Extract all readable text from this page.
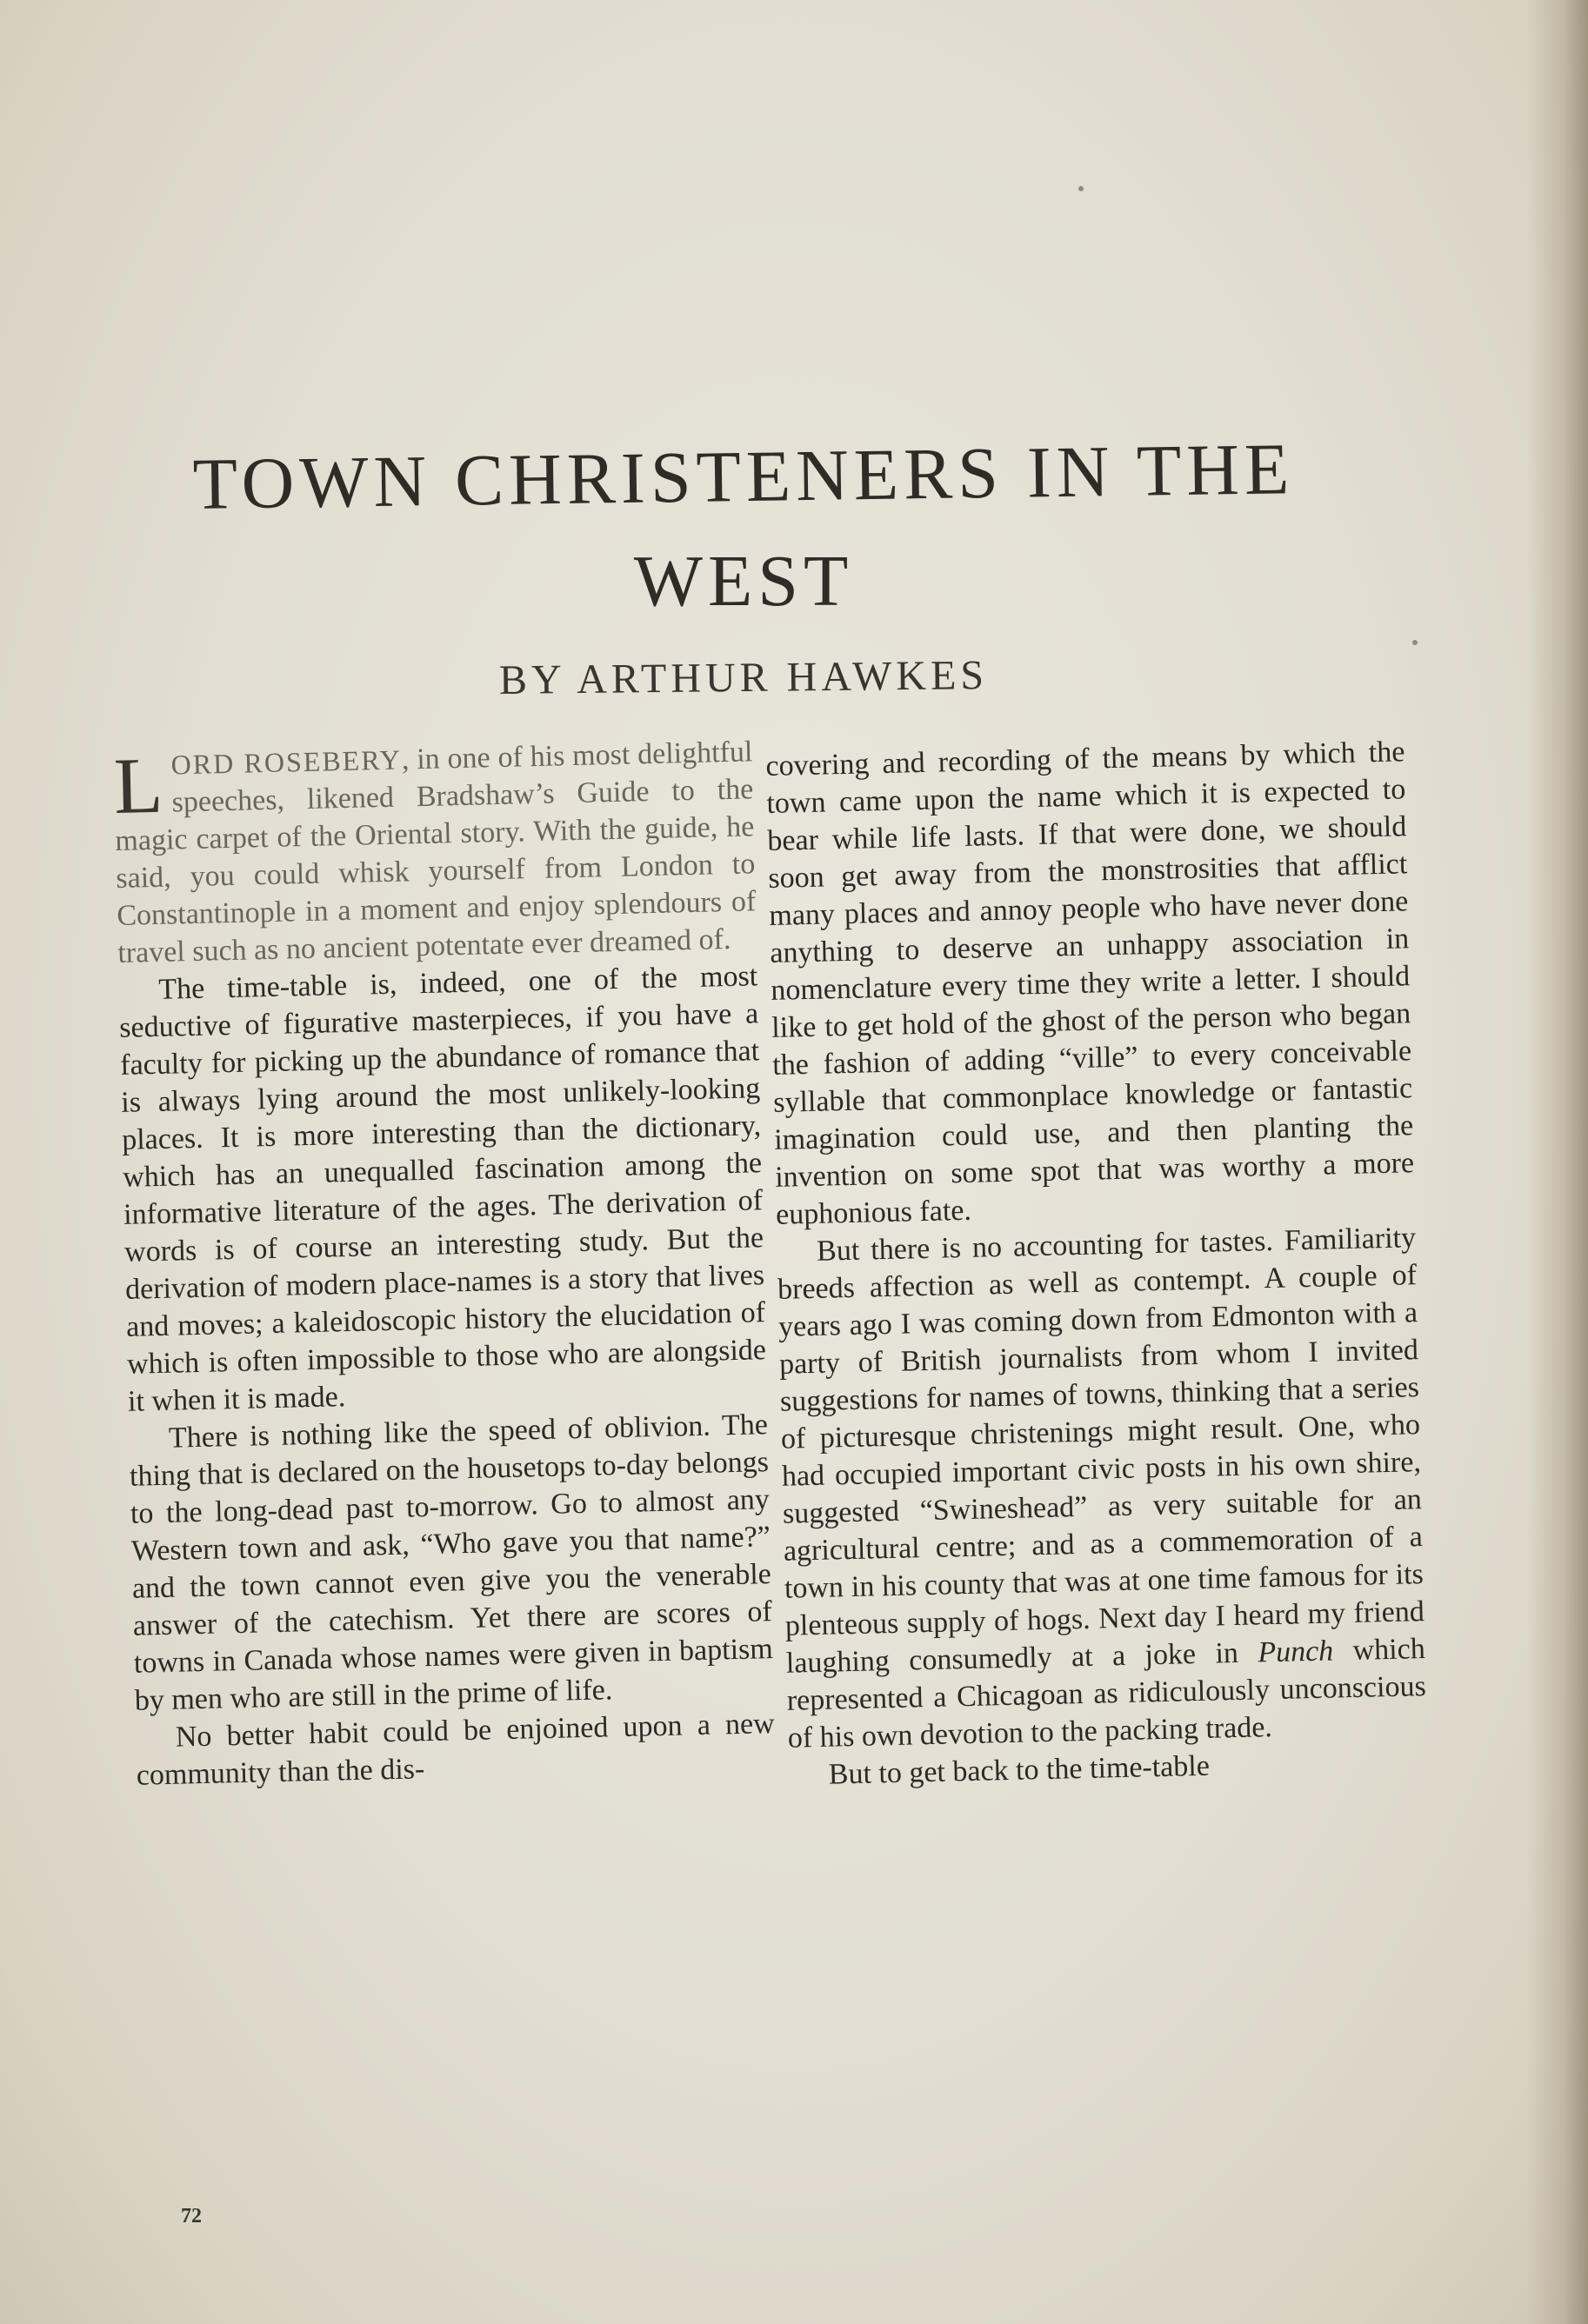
TOWN CHRISTENERS IN THE
WEST

BY ARTHUR HAWKES

LORD ROSEBERY, in one of his most delightful speeches, likened Bradshaw’s Guide to the magic carpet of the Oriental story. With the guide, he said, you could whisk yourself from London to Constantinople in a moment and enjoy splendours of travel such as no ancient potentate ever dreamed of.

The time-table is, indeed, one of the most seductive of figurative masterpieces, if you have a faculty for picking up the abundance of romance that is always lying around the most unlikely-looking places. It is more interesting than the dictionary, which has an unequalled fascination among the informative literature of the ages. The derivation of words is of course an interesting study. But the derivation of modern place-names is a story that lives and moves; a kaleidoscopic history the elucidation of which is often impossible to those who are alongside it when it is made.

There is nothing like the speed of oblivion. The thing that is declared on the housetops to-day belongs to the long-dead past to-morrow. Go to almost any Western town and ask, “Who gave you that name?” and the town cannot even give you the venerable answer of the catechism. Yet there are scores of towns in Canada whose names were given in baptism by men who are still in the prime of life.

No better habit could be enjoined upon a new community than the dis-

covering and recording of the means by which the town came upon the name which it is expected to bear while life lasts. If that were done, we should soon get away from the monstrosities that afflict many places and annoy people who have never done anything to deserve an unhappy association in nomenclature every time they write a letter. I should like to get hold of the ghost of the person who began the fashion of adding “ville” to every conceivable syllable that commonplace knowledge or fantastic imagination could use, and then planting the invention on some spot that was worthy a more euphonious fate.

But there is no accounting for tastes. Familiarity breeds affection as well as contempt. A couple of years ago I was coming down from Edmonton with a party of British journalists from whom I invited suggestions for names of towns, thinking that a series of picturesque christenings might result. One, who had occupied important civic posts in his own shire, suggested “Swineshead” as very suitable for an agricultural centre; and as a commemoration of a town in his county that was at one time famous for its plenteous supply of hogs. Next day I heard my friend laughing consumedly at a joke in Punch which represented a Chicagoan as ridiculously unconscious of his own devotion to the packing trade.

But to get back to the time-table

72
